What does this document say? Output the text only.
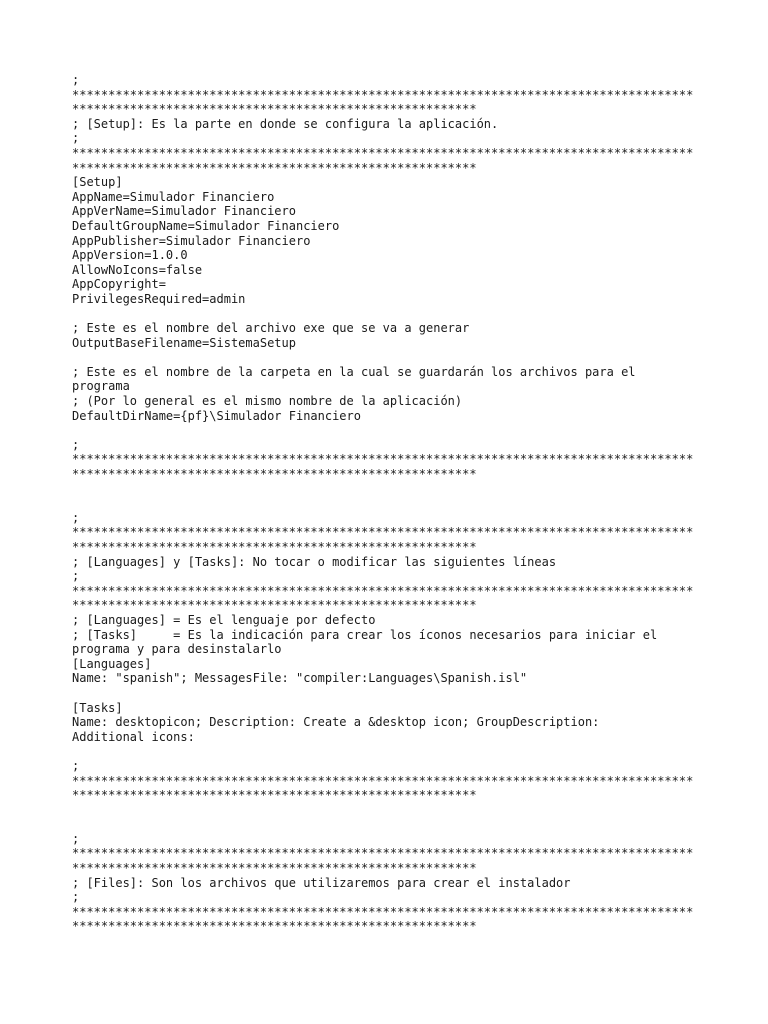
;
**************************************************************************************
********************************************************
; [Setup]: Es la parte en donde se configura la aplicación.
;
**************************************************************************************
********************************************************
[Setup]
AppName=Simulador Financiero
AppVerName=Simulador Financiero
DefaultGroupName=Simulador Financiero
AppPublisher=Simulador Financiero
AppVersion=1.0.0
AllowNoIcons=false
AppCopyright=
PrivilegesRequired=admin
; Este es el nombre del archivo exe que se va a generar
OutputBaseFilename=SistemaSetup
; Este es el nombre de la carpeta en la cual se guardarán los archivos para el
programa
; (Por lo general es el mismo nombre de la aplicación)
DefaultDirName={pf}\Simulador Financiero
;
**************************************************************************************
********************************************************
;
**************************************************************************************
********************************************************
; [Languages] y [Tasks]: No tocar o modificar las siguientes líneas
;
**************************************************************************************
********************************************************
; [Languages] = Es el lenguaje por defecto
; [Tasks]     = Es la indicación para crear los íconos necesarios para iniciar el
programa y para desinstalarlo
[Languages]
Name: "spanish"; MessagesFile: "compiler:Languages\Spanish.isl"
[Tasks]
Name: desktopicon; Description: Create a &desktop icon; GroupDescription:
Additional icons:
;
**************************************************************************************
********************************************************
;
**************************************************************************************
********************************************************
; [Files]: Son los archivos que utilizaremos para crear el instalador
;
**************************************************************************************
********************************************************
